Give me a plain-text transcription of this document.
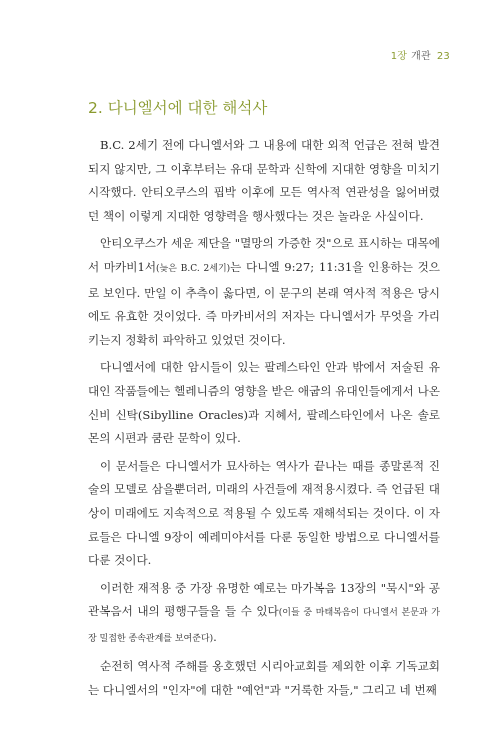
1장 개관 23
2. 다니엘서에 대한 해석사

B.C. 2세기 전에 다니엘서와 그 내용에 대한 외적 언급은 전혀 발견되지 않지만, 그 이후부터는 유대 문학과 신학에 지대한 영향을 미치기 시작했다. 안티오쿠스의 핍박 이후에 모든 역사적 연관성을 잃어버렸던 책이 이렇게 지대한 영향력을 행사했다는 것은 놀라운 사실이다.

안티오쿠스가 세운 제단을 "멸망의 가증한 것"으로 표시하는 대목에서 마카비1서(늦은 B.C. 2세기)는 다니엘 9:27; 11:31을 인용하는 것으로 보인다. 만일 이 추측이 옳다면, 이 문구의 본래 역사적 적용은 당시에도 유효한 것이었다. 즉 마카비서의 저자는 다니엘서가 무엇을 가리키는지 정확히 파악하고 있었던 것이다.

다니엘서에 대한 암시들이 있는 팔레스타인 안과 밖에서 저술된 유대인 작품들에는 헬레니즘의 영향을 받은 애굽의 유대인들에게서 나온 신비 신탁(Sibylline Oracles)과 지혜서, 팔레스타인에서 나온 솔로몬의 시편과 쿰란 문학이 있다.

이 문서들은 다니엘서가 묘사하는 역사가 끝나는 때를 종말론적 진술의 모델로 삼을뿐더러, 미래의 사건들에 재적용시켰다. 즉 언급된 대상이 미래에도 지속적으로 적용될 수 있도록 재해석되는 것이다. 이 자료들은 다니엘 9장이 예레미야서를 다룬 동일한 방법으로 다니엘서를 다룬 것이다.

이러한 재적용 중 가장 유명한 예로는 마가복음 13장의 "묵시"와 공관복음서 내의 평행구들을 들 수 있다(이들 중 마태복음이 다니엘서 본문과 가장 밀접한 종속관계를 보여준다).

순전히 역사적 주해를 옹호했던 시리아교회를 제외한 이후 기독교회는 다니엘서의 "인자"에 대한 "예언"과 "거룩한 자들," 그리고 네 번째
